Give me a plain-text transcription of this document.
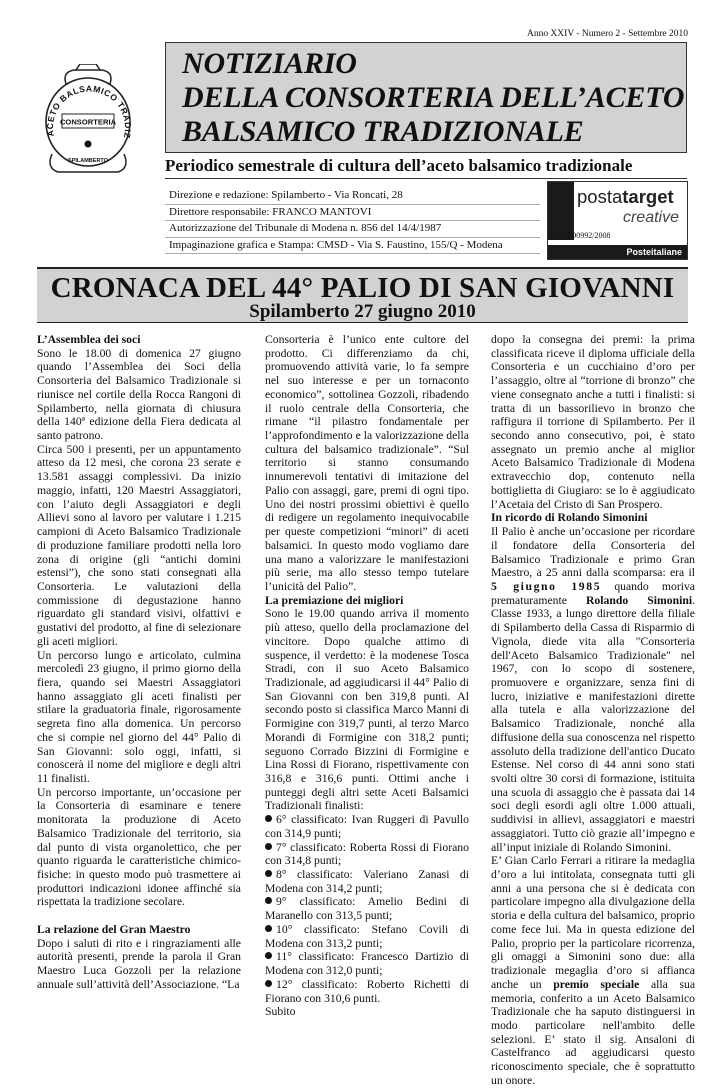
Anno XXIV - Numero 2 - Settembre 2010
ACETO BALSAMICO TRADIZ
CONSORTERIA
SPILAMBERTO
NOTIZIARIO
DELLA CONSORTERIA DELL’ACETO
BALSAMICO TRADIZIONALE
Periodico semestrale di cultura dell’aceto balsamico tradizionale
Direzione e redazione: Spilamberto - Via Roncati, 28
Direttore responsabile: FRANCO MANTOVI
Autorizzazione del Tribunale di Modena n. 856 del 14/4/1987
Impaginazione grafica e Stampa: CMSD - Via S. Faustino, 155/Q - Modena
postatarget
creative
CN/MO0992/2008
Posteitaliane
CRONACA DEL 44° PALIO DI SAN GIOVANNI
Spilamberto 27 giugno 2010
L’Assemblea dei soci

Sono le 18.00 di domenica 27 giugno quando l’Assemblea dei Soci della Consorteria del Balsamico Tradizionale si riunisce nel cortile della Rocca Rangoni di Spilamberto, nella giornata di chiusura della 140ª edizione della Fiera dedicata al santo patrono.

Circa 500 i presenti, per un appuntamento atteso da 12 mesi, che corona 23 serate e 13.581 assaggi complessivi. Da inizio maggio, infatti, 120 Maestri Assaggiatori, con l’aiuto degli Assaggiatori e degli Allievi sono al lavoro per valutare i 1.215 campioni di Aceto Balsamico Tradizionale di produzione familiare prodotti nella loro zona di origine (gli “antichi domini estensi”), che sono stati consegnati alla Consorteria. Le valutazioni della commissione di degustazione hanno riguardato gli standard visivi, olfattivi e gustativi del prodotto, al fine di selezionare gli aceti migliori.

Un percorso lungo e articolato, culmina mercoledì 23 giugno, il primo giorno della fiera, quando sei Maestri Assaggiatori hanno assaggiato gli aceti finalisti per stilare la graduatoria finale, rigorosamente segreta fino alla domenica. Un percorso che si compie nel giorno del 44° Palio di San Giovanni: solo oggi, infatti, si conoscerà il nome del migliore e degli altri 11 finalisti.

Un percorso importante, un’occasione per la Consorteria di esaminare e tenere monitorata la produzione di Aceto Balsamico Tradizionale del territorio, sia dal punto di vista organolettico, che per quanto riguarda le caratteristiche chimico-fisiche: in questo modo può trasmettere ai produttori indicazioni idonee affinché sia rispettata la tradizione secolare.

La relazione del Gran Maestro

Dopo i saluti di rito e i ringraziamenti alle autorità presenti, prende la parola il Gran Maestro Luca Gozzoli per la relazione annuale sull’attività dell’Associazione. “La

Consorteria è l’unico ente cultore del prodotto. Ci differenziamo da chi, promuovendo attività varie, lo fa sempre nel suo interesse e per un tornaconto economico”, sottolinea Gozzoli, ribadendo il ruolo centrale della Consorteria, che rimane “il pilastro fondamentale per l’approfondimento e la valorizzazione della cultura del balsamico tradizionale”. “Sul territorio si stanno consumando innumerevoli tentativi di imitazione del Palio con assaggi, gare, premi di ogni tipo. Uno dei nostri prossimi obiettivi è quello di redigere un regolamento inequivocabile per queste competizioni “minori” di aceti balsamici. In questo modo vogliamo dare una mano a valorizzare le manifestazioni più serie, ma allo stesso tempo tutelare l’unicità del Palio”.

La premiazione dei migliori

Sono le 19.00 quando arriva il momento più atteso, quello della proclamazione del vincitore. Dopo qualche attimo di suspence, il verdetto: è la modenese Tosca Stradi, con il suo Aceto Balsamico Tradizionale, ad aggiudicarsi il 44° Palio di San Giovanni con ben 319,8 punti. Al secondo posto si classifica Marco Manni di Formigine con 319,7 punti, al terzo Marco Morandi di Formigine con 318,2 punti; seguono Corrado Bizzini di Formigine e Lina Rossi di Fiorano, rispettivamente con 316,8 e 316,6 punti. Ottimi anche i punteggi degli altri sette Aceti Balsamici Tradizionali finalisti:

6° classificato: Ivan Ruggeri di Pavullo con 314,9 punti;

7° classificato: Roberta Rossi di Fiorano con 314,8 punti;

8° classificato: Valeriano Zanasi di Modena con 314,2 punti;

9° classificato: Amelio Bedini di Maranello con 313,5 punti;

10° classificato: Stefano Covili di Modena con 313,2 punti;

11° classificato: Francesco Dartizio di Modena con 312,0 punti;

12° classificato: Roberto Richetti di Fiorano con 310,6 punti.

Subito

dopo la consegna dei premi: la prima classificata riceve il diploma ufficiale della Consorteria e un cucchiaino d’oro per l’assaggio, oltre al “torrione di bronzo” che viene consegnato anche a tutti i finalisti: si tratta di un bassorilievo in bronzo che raffigura il torrione di Spilamberto. Per il secondo anno consecutivo, poi, è stato assegnato un premio anche al miglior Aceto Balsamico Tradizionale di Modena extravecchio dop, contenuto nella bottiglietta di Giugiaro: se lo è aggiudicato l’Acetaia del Cristo di San Prospero.

In ricordo di Rolando Simonini

Il Palio è anche un’occasione per ricordare il fondatore della Consorteria del Balsamico Tradizionale e primo Gran Maestro, a 25 anni dalla scomparsa: era il 5 giugno 1985 quando moriva prematuramente Rolando Simonini. Classe 1933, a lungo direttore della filiale di Spilamberto della Cassa di Risparmio di Vignola, diede vita alla "Consorteria dell'Aceto Balsamico Tradizionale" nel 1967, con lo scopo di sostenere, promuovere e organizzare, senza fini di lucro, iniziative e manifestazioni dirette alla tutela e alla valorizzazione del Balsamico Tradizionale, nonché alla diffusione della sua conoscenza nel rispetto assoluto della tradizione dell'antico Ducato Estense. Nel corso di 44 anni sono stati svolti oltre 30 corsi di formazione, istituita una scuola di assaggio che è passata dai 14 soci degli esordi agli oltre 1.000 attuali, suddivisi in allievi, assaggiatori e maestri assaggiatori. Tutto ciò grazie all’impegno e all’input iniziale di Rolando Simonini.

E’ Gian Carlo Ferrari a ritirare la medaglia d’oro a lui intitolata, consegnata tutti gli anni a una persona che si è dedicata con particolare impegno alla divulgazione della storia e della cultura del balsamico, proprio come fece lui. Ma in questa edizione del Palio, proprio per la particolare ricorrenza, gli omaggi a Simonini sono due: alla tradizionale megaglia d’oro si affianca anche un premio speciale alla sua memoria, conferito a un Aceto Balsamico Tradizionale che ha saputo distinguersi in modo particolare nell'ambito delle selezioni. E’ stato il sig. Ansaloni di Castelfranco ad aggiudicarsi questo riconoscimento speciale, che è soprattutto un onore.
